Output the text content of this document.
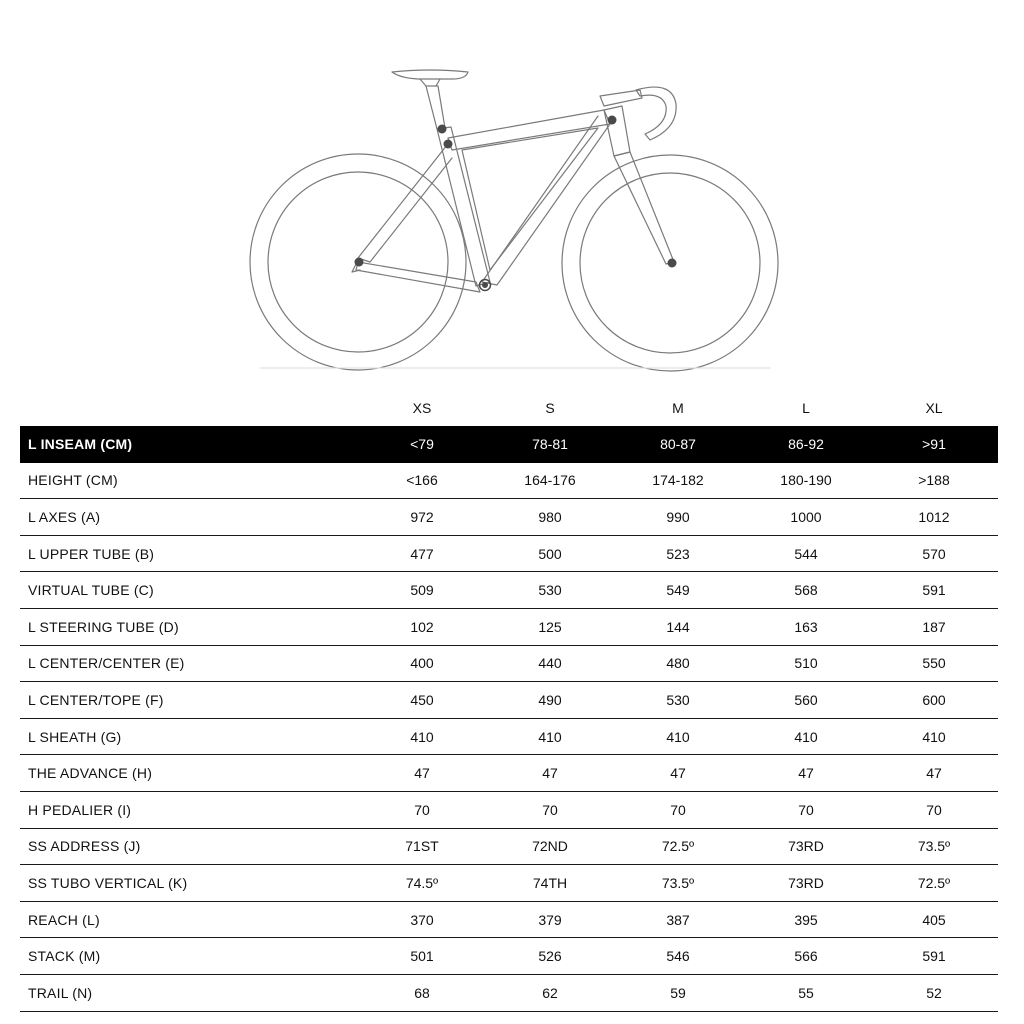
	XS	S	M	L	XL
L INSEAM (CM)	<79	78-81	80-87	86-92	>91
HEIGHT (CM)	<166	164-176	174-182	180-190	>188
L AXES (A)	972	980	990	1000	1012
L UPPER TUBE (B)	477	500	523	544	570
VIRTUAL TUBE (C)	509	530	549	568	591
L STEERING TUBE (D)	102	125	144	163	187
L CENTER/CENTER (E)	400	440	480	510	550
L CENTER/TOPE (F)	450	490	530	560	600
L SHEATH (G)	410	410	410	410	410
THE ADVANCE (H)	47	47	47	47	47
H PEDALIER (I)	70	70	70	70	70
SS ADDRESS (J)	71ST	72ND	72.5º	73RD	73.5º
SS TUBO VERTICAL (K)	74.5º	74TH	73.5º	73RD	72.5º
REACH (L)	370	379	387	395	405
STACK (M)	501	526	546	566	591
TRAIL (N)	68	62	59	55	52
